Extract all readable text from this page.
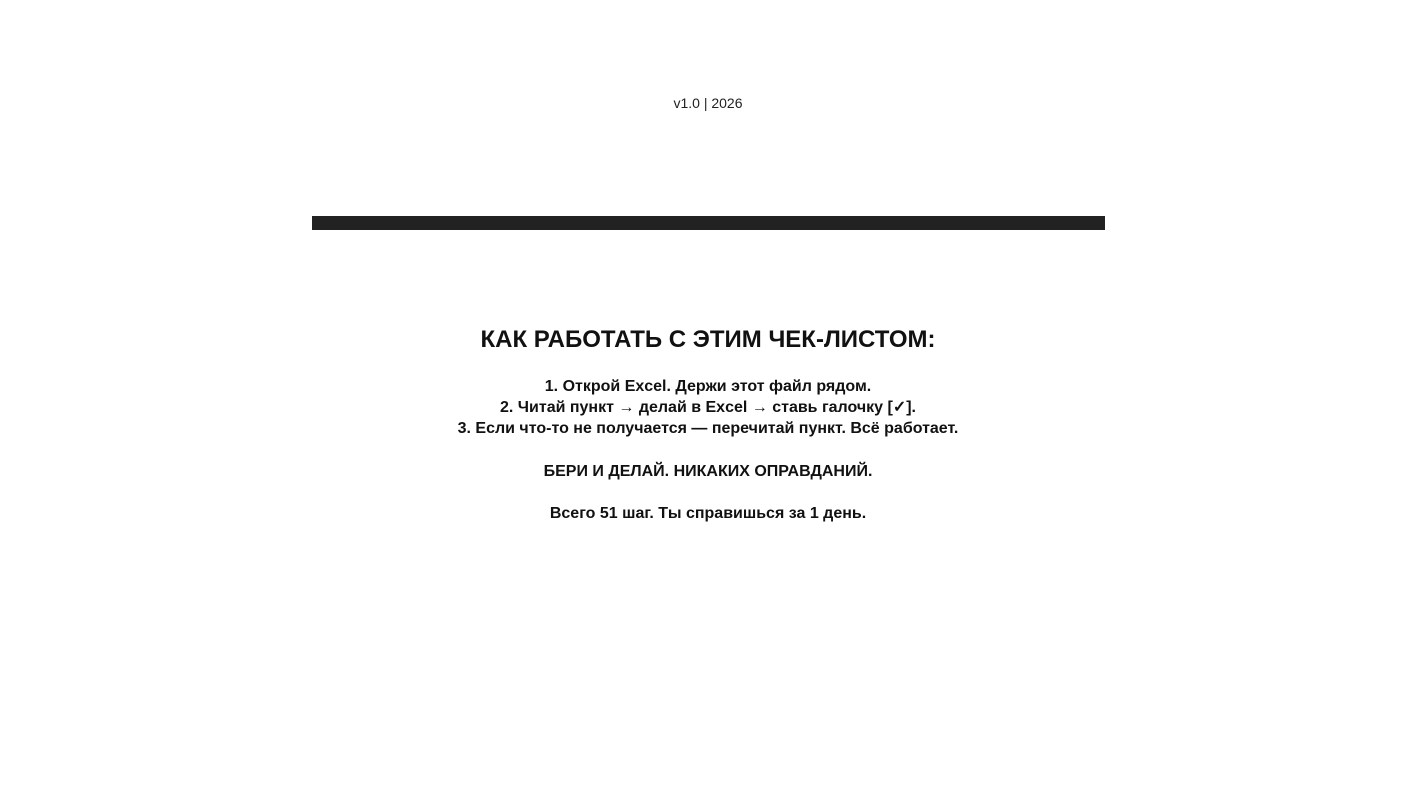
v1.0 | 2026
КАК РАБОТАТЬ С ЭТИМ ЧЕК-ЛИСТОМ:
1. Открой Excel. Держи этот файл рядом.
2. Читай пункт → делай в Excel → ставь галочку [✓].
3. Если что-то не получается — перечитай пункт. Всё работает.
БЕРИ И ДЕЛАЙ. НИКАКИХ ОПРАВДАНИЙ.
Всего 51 шаг. Ты справишься за 1 день.
